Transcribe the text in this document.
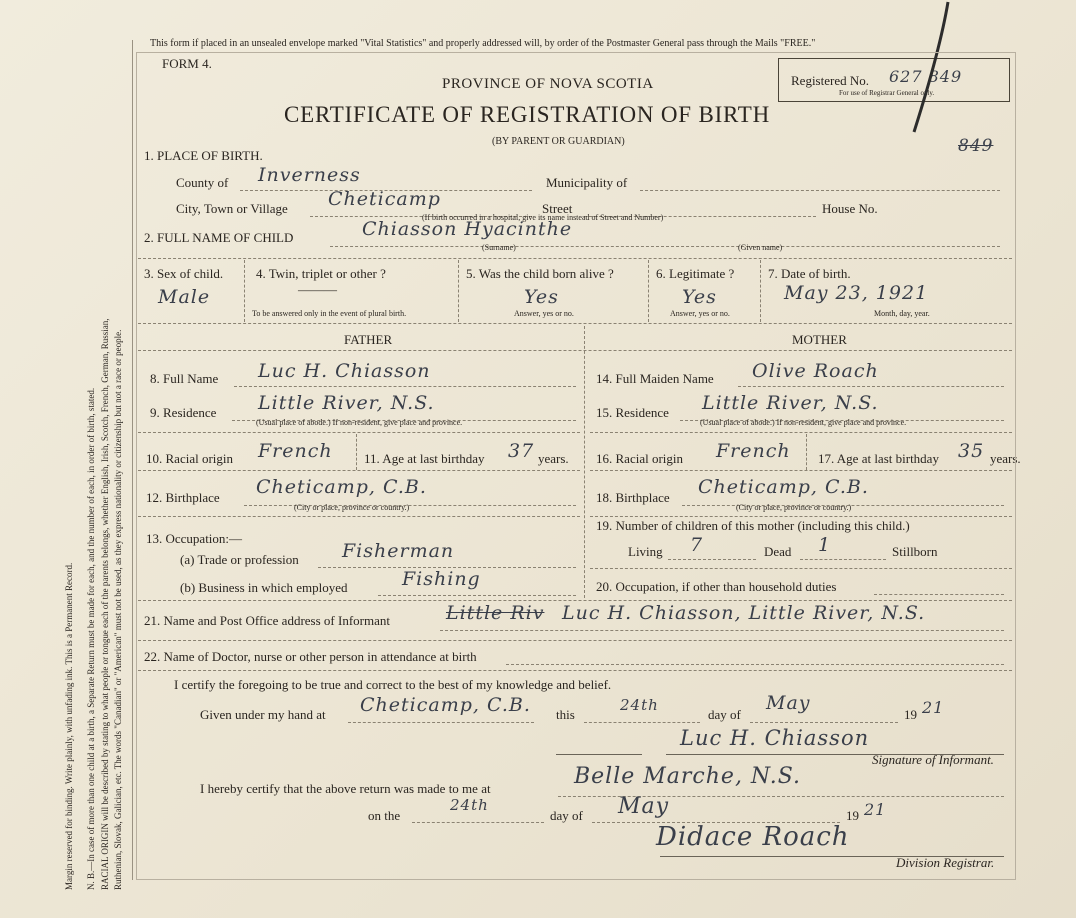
Margin reserved for binding. Write plainly, with unfading ink. This is a Permanent Record. N. B.—In case of more than one child at a birth, a Separate Return must be made for each, and the number of each, in order of birth, stated. RACIAL ORIGIN will be described by stating to what people or tongue each of the parents belongs, whether English, Irish, Scotch, French, German, Russian, Ruthenian, Slovak, Galician, etc. The words "Canadian" or "American" must not be used, as they express nationality or citizenship but not a race or people.
This form if placed in an unsealed envelope marked "Vital Statistics" and properly addressed will, by order of the Postmaster General pass through the Mails "FREE."
FORM 4.
PROVINCE OF NOVA SCOTIA
CERTIFICATE OF REGISTRATION OF BIRTH
(BY PARENT OR GUARDIAN)
Registered No. 627 849
For use of Registrar General only.
849
1. PLACE OF BIRTH.
County of Inverness	Municipality of
City, Town or Village Cheticamp	Street	House No.
(If birth occurred in a hospital, give its name instead of Street and Number)
2. FULL NAME OF CHILD	Chiasson Hyacinthe
(Surname)	(Given name)
3. Sex of child.
Male
4. Twin, triplet or other ?
———
To be answered only in the event of plural birth.
5. Was the child born alive ?
Yes
Answer, yes or no.
6. Legitimate ?
Yes
Answer, yes or no.
7. Date of birth.
May 23, 1921
Month, day, year.
FATHER	MOTHER
8. Full Name Luc H. Chiasson
9. Residence Little River, N.S.
(Usual place of abode.) If non-resident, give place and province.
10. Racial origin French 11. Age at last birthday 37 years.
12. Birthplace Cheticamp, C.B.
(City or place, province or country.)
13. Occupation:—
(a) Trade or profession Fisherman
(b) Business in which employed	Fishing
14. Full Maiden Name Olive Roach
15. Residence Little River, N.S.
(Usual place of abode.) If non-resident, give place and province.
16. Racial origin French 17. Age at last birthday 35 years.
18. Birthplace Cheticamp, C.B.
(City or place, province or country.)
19. Number of children of this mother (including this child.)
Living 7	Dead 1	Stillborn
20. Occupation, if other than household duties
21. Name and Post Office address of Informant	Little Riv Luc H. Chiasson, Little River, N.S.
22. Name of Doctor, nurse or other person in attendance at birth
I certify the foregoing to be true and correct to the best of my knowledge and belief.
Given under my hand at Cheticamp, C.B. this
24th
day of
May
19 21
Luc H. Chiasson
Signature of Informant.
I hereby certify that the above return was made to me at	Belle Marche, N.S.
on the
24th
day of May	19 21
Didace Roach
Division Registrar.
